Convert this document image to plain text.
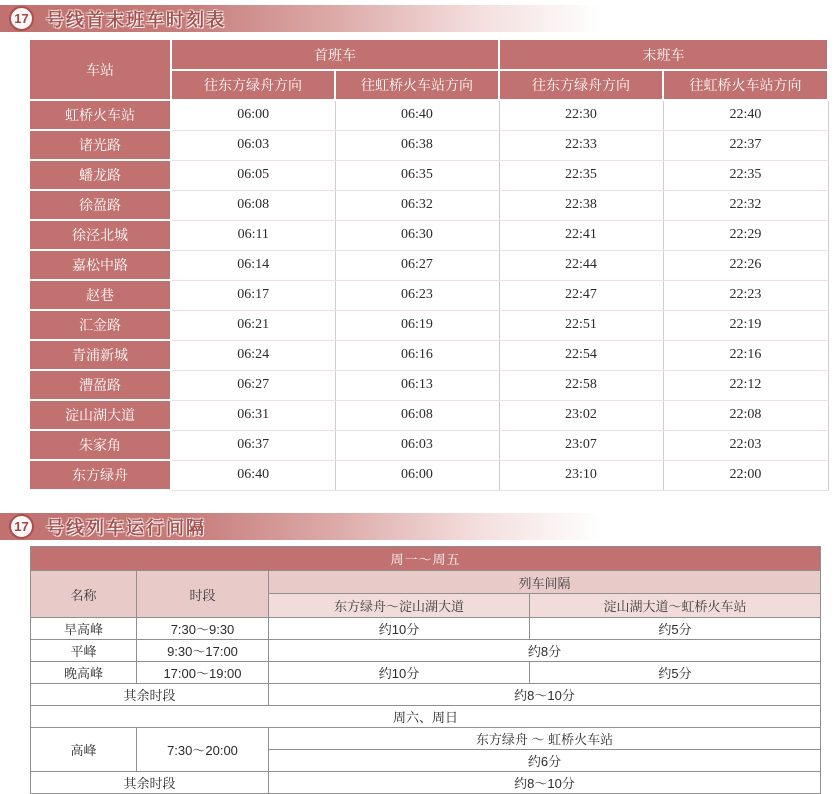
17 号线首末班车时刻表
车站	首班车		末班车	
	往东方绿舟方向	往虹桥火车站方向	往东方绿舟方向	往虹桥火车站方向
虹桥火车站	06:00	06:40	22:30	22:40
诸光路	06:03	06:38	22:33	22:37
蟠龙路	06:05	06:35	22:35	22:35
徐盈路	06:08	06:32	22:38	22:32
徐泾北城	06:11	06:30	22:41	22:29
嘉松中路	06:14	06:27	22:44	22:26
赵巷	06:17	06:23	22:47	22:23
汇金路	06:21	06:19	22:51	22:19
青浦新城	06:24	06:16	22:54	22:16
漕盈路	06:27	06:13	22:58	22:12
淀山湖大道	06:31	06:08	23:02	22:08
朱家角	06:37	06:03	23:07	22:03
东方绿舟	06:40	06:00	23:10	22:00
17 号线列车运行间隔
周一～周五			
名称	时段	列车间隔	
		东方绿舟～淀山湖大道	淀山湖大道～虹桥火车站
早高峰	7:30～9:30	约10分	约5分
平峰	9:30～17:00	约8分	
晚高峰	17:00～19:00	约10分	约5分
其余时段		约8～10分	
周六、周日			
高峰	7:30～20:00	东方绿舟 ～ 虹桥火车站	
		约6分	
其余时段		约8～10分	
